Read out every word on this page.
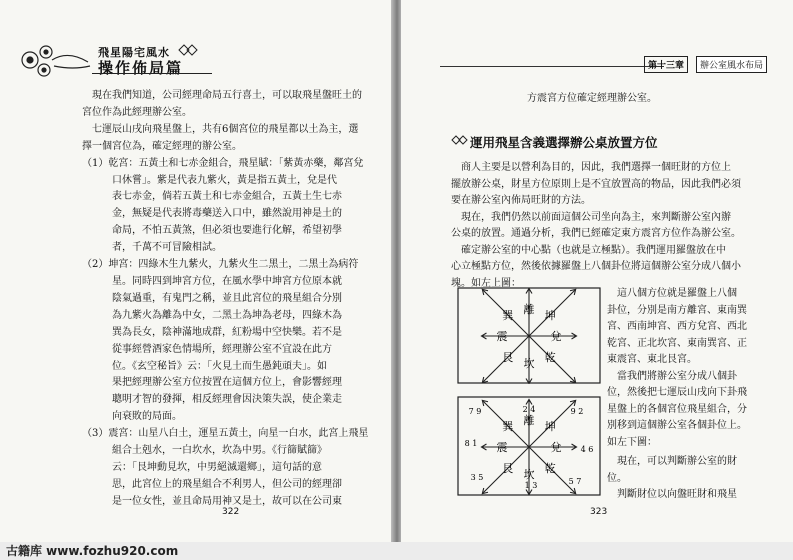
飛星陽宅風水
操作佈局篇
　現在我們知道，公司經理命局五行喜土，可以取飛星盤旺土的
宮位作為此經理辦公室。
　七運辰山戌向飛星盤上，共有6個宮位的飛星都以土為主，選
擇一個宮位為，確定經理的辦公室。
（1）乾宮：五黃土和七赤金組合，飛星賦：「紫黃赤藥，鄰宮兌
　　　口休嘗」。紫是代表九紫火，黃是指五黃土，兌是代
　　　表七赤金，倘若五黃土和七赤金組合，五黃土生七赤
　　　金，無疑是代表將毒藥送入口中，雖然說用神是土的
　　　命局，不怕五黃煞，但必須也要進行化解，希望初學
　　　者，千萬不可冒險相試。
（2）坤宮：四綠木生九紫火，九紫火生二黑土，二黑土為病符
　　　星。同時四到坤宮方位，在風水學中坤宮方位原本就
　　　陰氣過重，有鬼門之稱，並且此宮位的飛星組合分別
　　　為九紫火為離為中女，二黑土為坤為老母，四綠木為
　　　巽為長女，陰神滿地成群，紅粉場中空快樂。若不是
　　　從事經營酒家色情場所，經理辦公室不宜設在此方
　　　位。《玄空秘旨》云：「火見土而生愚鈍頑夫」。如
　　　果把經理辦公室方位按置在這個方位上，會影響經理
　　　聰明才智的發揮，相反經理會因決策失誤，使企業走
　　　向衰敗的局面。
（3）震宮：山星八白土，運星五黃土，向星一白水，此宮上飛星
　　　組合土剋水，一白坎水，坎為中男。《行篩賦篩》
　　　云：「艮坤動見坎，中男絕滅還鄉」，這句話的意
　　　思，此宮位上的飛星組合不利男人，但公司的經理卻
　　　是一位女性，並且命局用神又是土，故可以在公司東
322
第十三章	辦公室風水布局
方震宮方位確定經理辦公室。
運用飛星含義選擇辦公桌放置方位
　商人主要是以營利為目的，因此，我們選擇一個旺財的方位上
擺放辦公桌，財星方位原則上是不宜放置高的物品，因此我們必須
要在辦公室內佈局旺財的方法。
　現在，我們仍然以前面這個公司坐向為主，來判斷辦公室內辦
公桌的放置。通過分析，我們已經確定東方震宮方位作為辦公室。
　確定辦公室的中心點（也就是立極點）。我們運用羅盤放在中
心立極點方位，然後依據羅盤上八個卦位將這個辦公室分成八個小
塊。如左上圖：
　這八個方位就是羅盤上八個
卦位，分別是南方離宮、東南巽
宮、西南坤宮、西方兌宮、西北
乾宮、正北坎宮、東南巽宮、正
東震宮、東北艮宮。
　當我們將辦公室分成八個卦
位，然後把七運辰山戌向下卦飛
星盤上的各個宮位飛星組合，分
別移到這個辦公室各個卦位上。
如左下圖：
　現在，可以判斷辦公室的財
位。
　判斷財位以向盤旺財和飛星
巽 離 坤
兌
乾
坎
艮
震
巽 離 坤
兌
乾
坎
艮
震
7 9	2 4	9 2
8 1
4 6
3 5
1 3	5 7
323
古籍库 www.fozhu920.com
